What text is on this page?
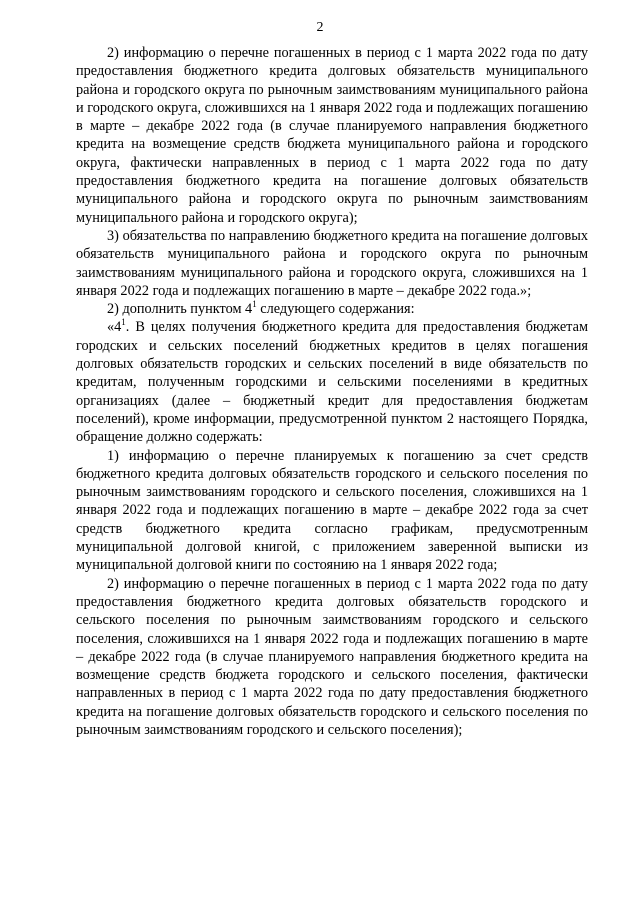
2

2) информацию о перечне погашенных в период с 1 марта 2022 года по дату предоставления бюджетного кредита долговых обязательств муниципального района и городского округа по рыночным заимствованиям муниципального района и городского округа, сложившихся на 1 января 2022 года и подлежащих погашению в марте – декабре 2022 года (в случае планируемого направления бюджетного кредита на возмещение средств бюджета муниципального района и городского округа, фактически направленных в период с 1 марта 2022 года по дату предоставления бюджетного кредита на погашение долговых обязательств муниципального района и городского округа по рыночным заимствованиям муниципального района и городского округа);

3) обязательства по направлению бюджетного кредита на погашение долговых обязательств муниципального района и городского округа по рыночным заимствованиям муниципального района и городского округа, сложившихся на 1 января 2022 года и подлежащих погашению в марте – декабре 2022 года.»;

2) дополнить пунктом $4^1$ следующего содержания:

«$4^1$. В целях получения бюджетного кредита для предоставления бюджетам городских и сельских поселений бюджетных кредитов в целях погашения долговых обязательств городских и сельских поселений в виде обязательств по кредитам, полученным городскими и сельскими поселениями в кредитных организациях (далее – бюджетный кредит для предоставления бюджетам поселений), кроме информации, предусмотренной пунктом 2 настоящего Порядка, обращение должно содержать:

1) информацию о перечне планируемых к погашению за счет средств бюджетного кредита долговых обязательств городского и сельского поселения по рыночным заимствованиям городского и сельского поселения, сложившихся на 1 января 2022 года и подлежащих погашению в марте – декабре 2022 года за счет средств бюджетного кредита согласно графикам, предусмотренным муниципальной долговой книгой, с приложением заверенной выписки из муниципальной долговой книги по состоянию на 1 января 2022 года;

2) информацию о перечне погашенных в период с 1 марта 2022 года по дату предоставления бюджетного кредита долговых обязательств городского и сельского поселения по рыночным заимствованиям городского и сельского поселения, сложившихся на 1 января 2022 года и подлежащих погашению в марте – декабре 2022 года (в случае планируемого направления бюджетного кредита на возмещение средств бюджета городского и сельского поселения, фактически направленных в период с 1 марта 2022 года по дату предоставления бюджетного кредита на погашение долговых обязательств городского и сельского поселения по рыночным заимствованиям городского и сельского поселения);
